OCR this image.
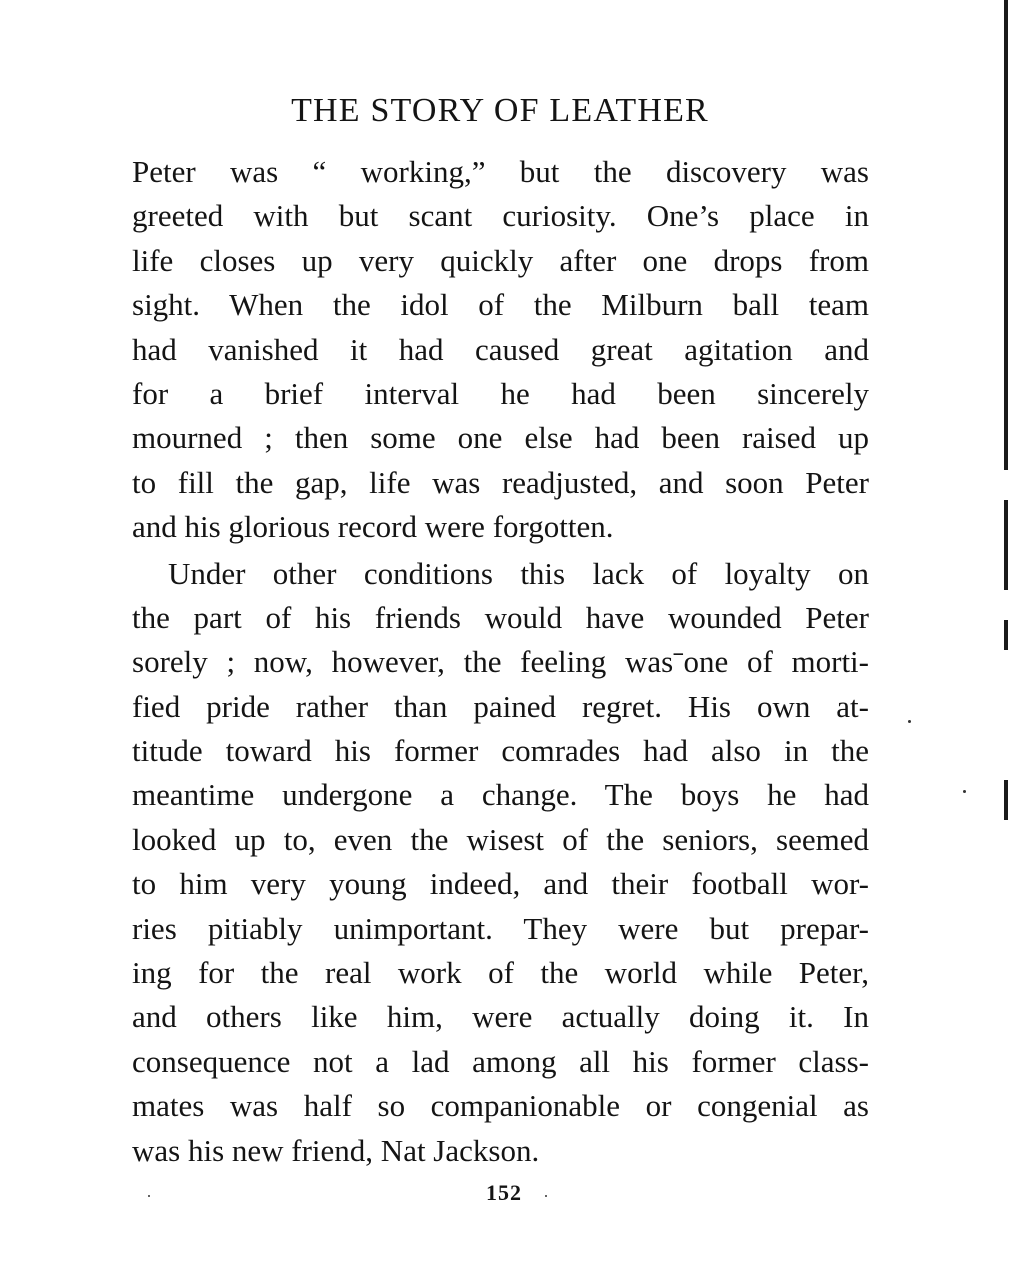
THE STORY OF LEATHER
Peter was “ working,” but the discovery was
greeted with but scant curiosity. One’s place in
life closes up very quickly after one drops from
sight. When the idol of the Milburn ball team
had vanished it had caused great agitation and
for a brief interval he had been sincerely
mourned ; then some one else had been raised up
to fill the gap, life was readjusted, and soon Peter
and his glorious record were forgotten.
Under other conditions this lack of loyalty on
the part of his friends would have wounded Peter
sorely ; now, however, the feeling wasˉone of morti-
fied pride rather than pained regret. His own at-
titude toward his former comrades had also in the
meantime undergone a change. The boys he had
looked up to, even the wisest of the seniors, seemed
to him very young indeed, and their football wor-
ries pitiably unimportant. They were but prepar-
ing for the real work of the world while Peter,
and others like him, were actually doing it. In
consequence not a lad among all his former class-
mates was half so companionable or congenial as
was his new friend, Nat Jackson.
152
